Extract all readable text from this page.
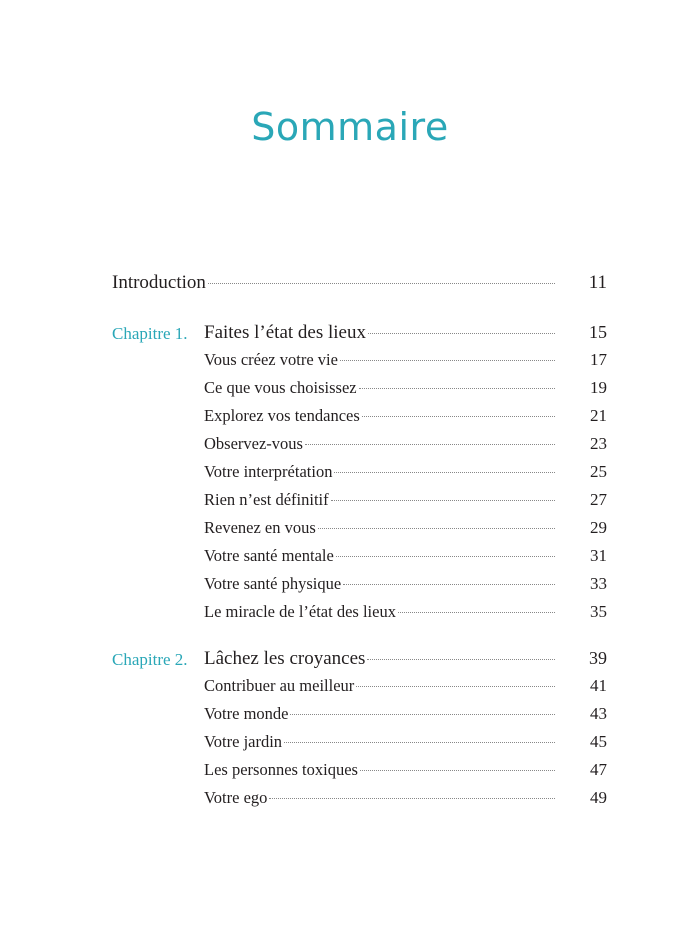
Sommaire
Introduction	11
Chapitre 1. Faites l’état des lieux	15
Vous créez votre vie	17
Ce que vous choisissez	19
Explorez vos tendances	21
Observez-vous	23
Votre interprétation	25
Rien n’est définitif	27
Revenez en vous	29
Votre santé mentale	31
Votre santé physique	33
Le miracle de l’état des lieux	35
Chapitre 2. Lâchez les croyances	39
Contribuer au meilleur	41
Votre monde	43
Votre jardin	45
Les personnes toxiques	47
Votre ego	49
